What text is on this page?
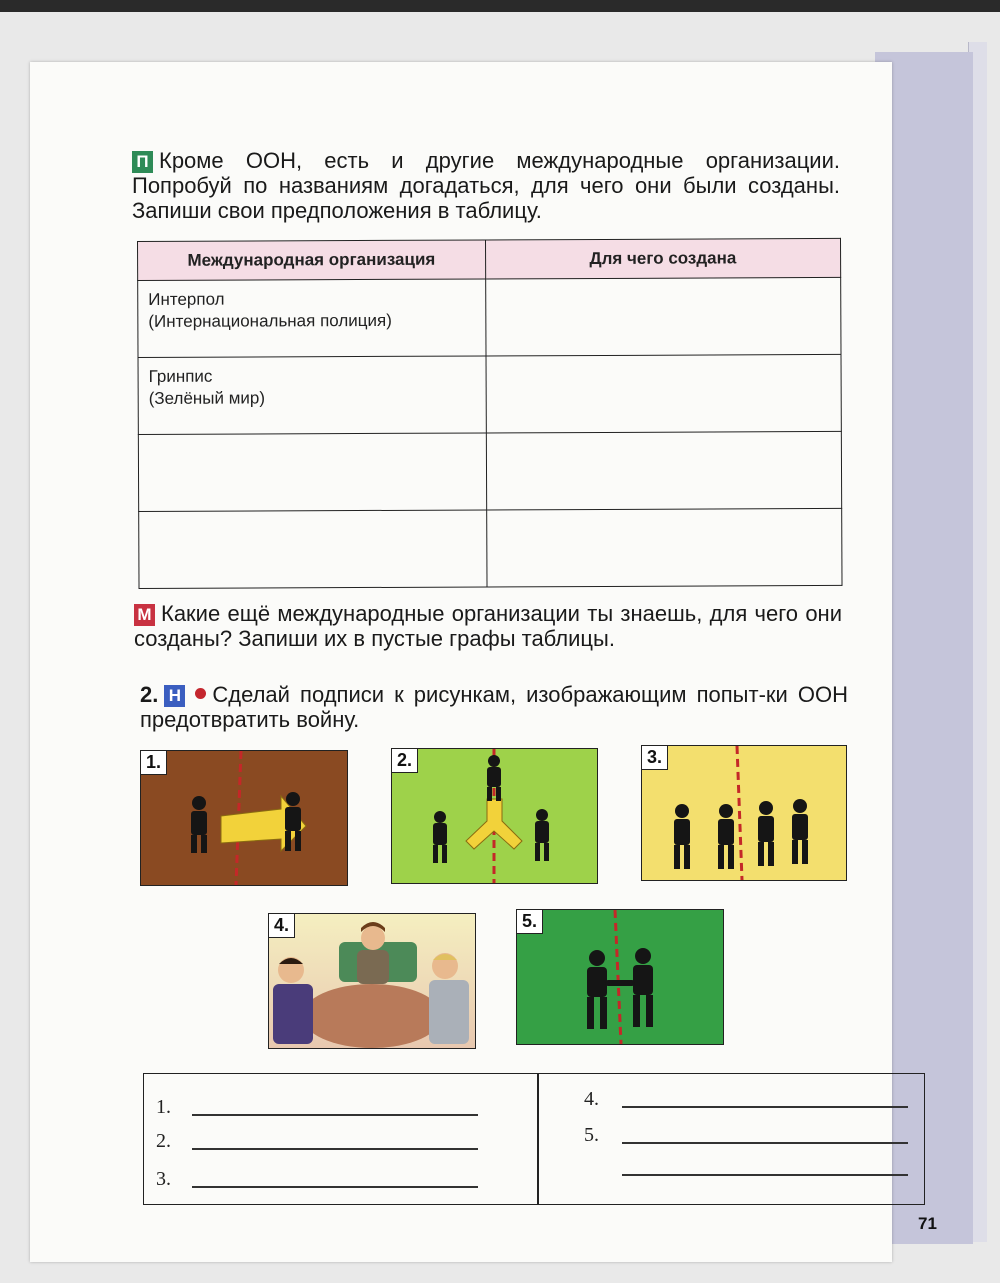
П Кроме ООН, есть и другие международные организации. Попробуй по названиям догадаться, для чего они были созданы. Запиши свои предположения в таблицу.
Международная организация	Для чего создана

Интерпол
(Интернациональная полиция)	

Гринпис
(Зелёный мир)	

М Какие ещё международные организации ты знаешь, для чего они созданы? Запиши их в пустые графы таблицы.
2. Н Сделай подписи к рисункам, изображающим попыт-ки ООН предотвратить войну.
1.	2.	3.
4.	5.
1.
2.
3.
4.
5.
71
